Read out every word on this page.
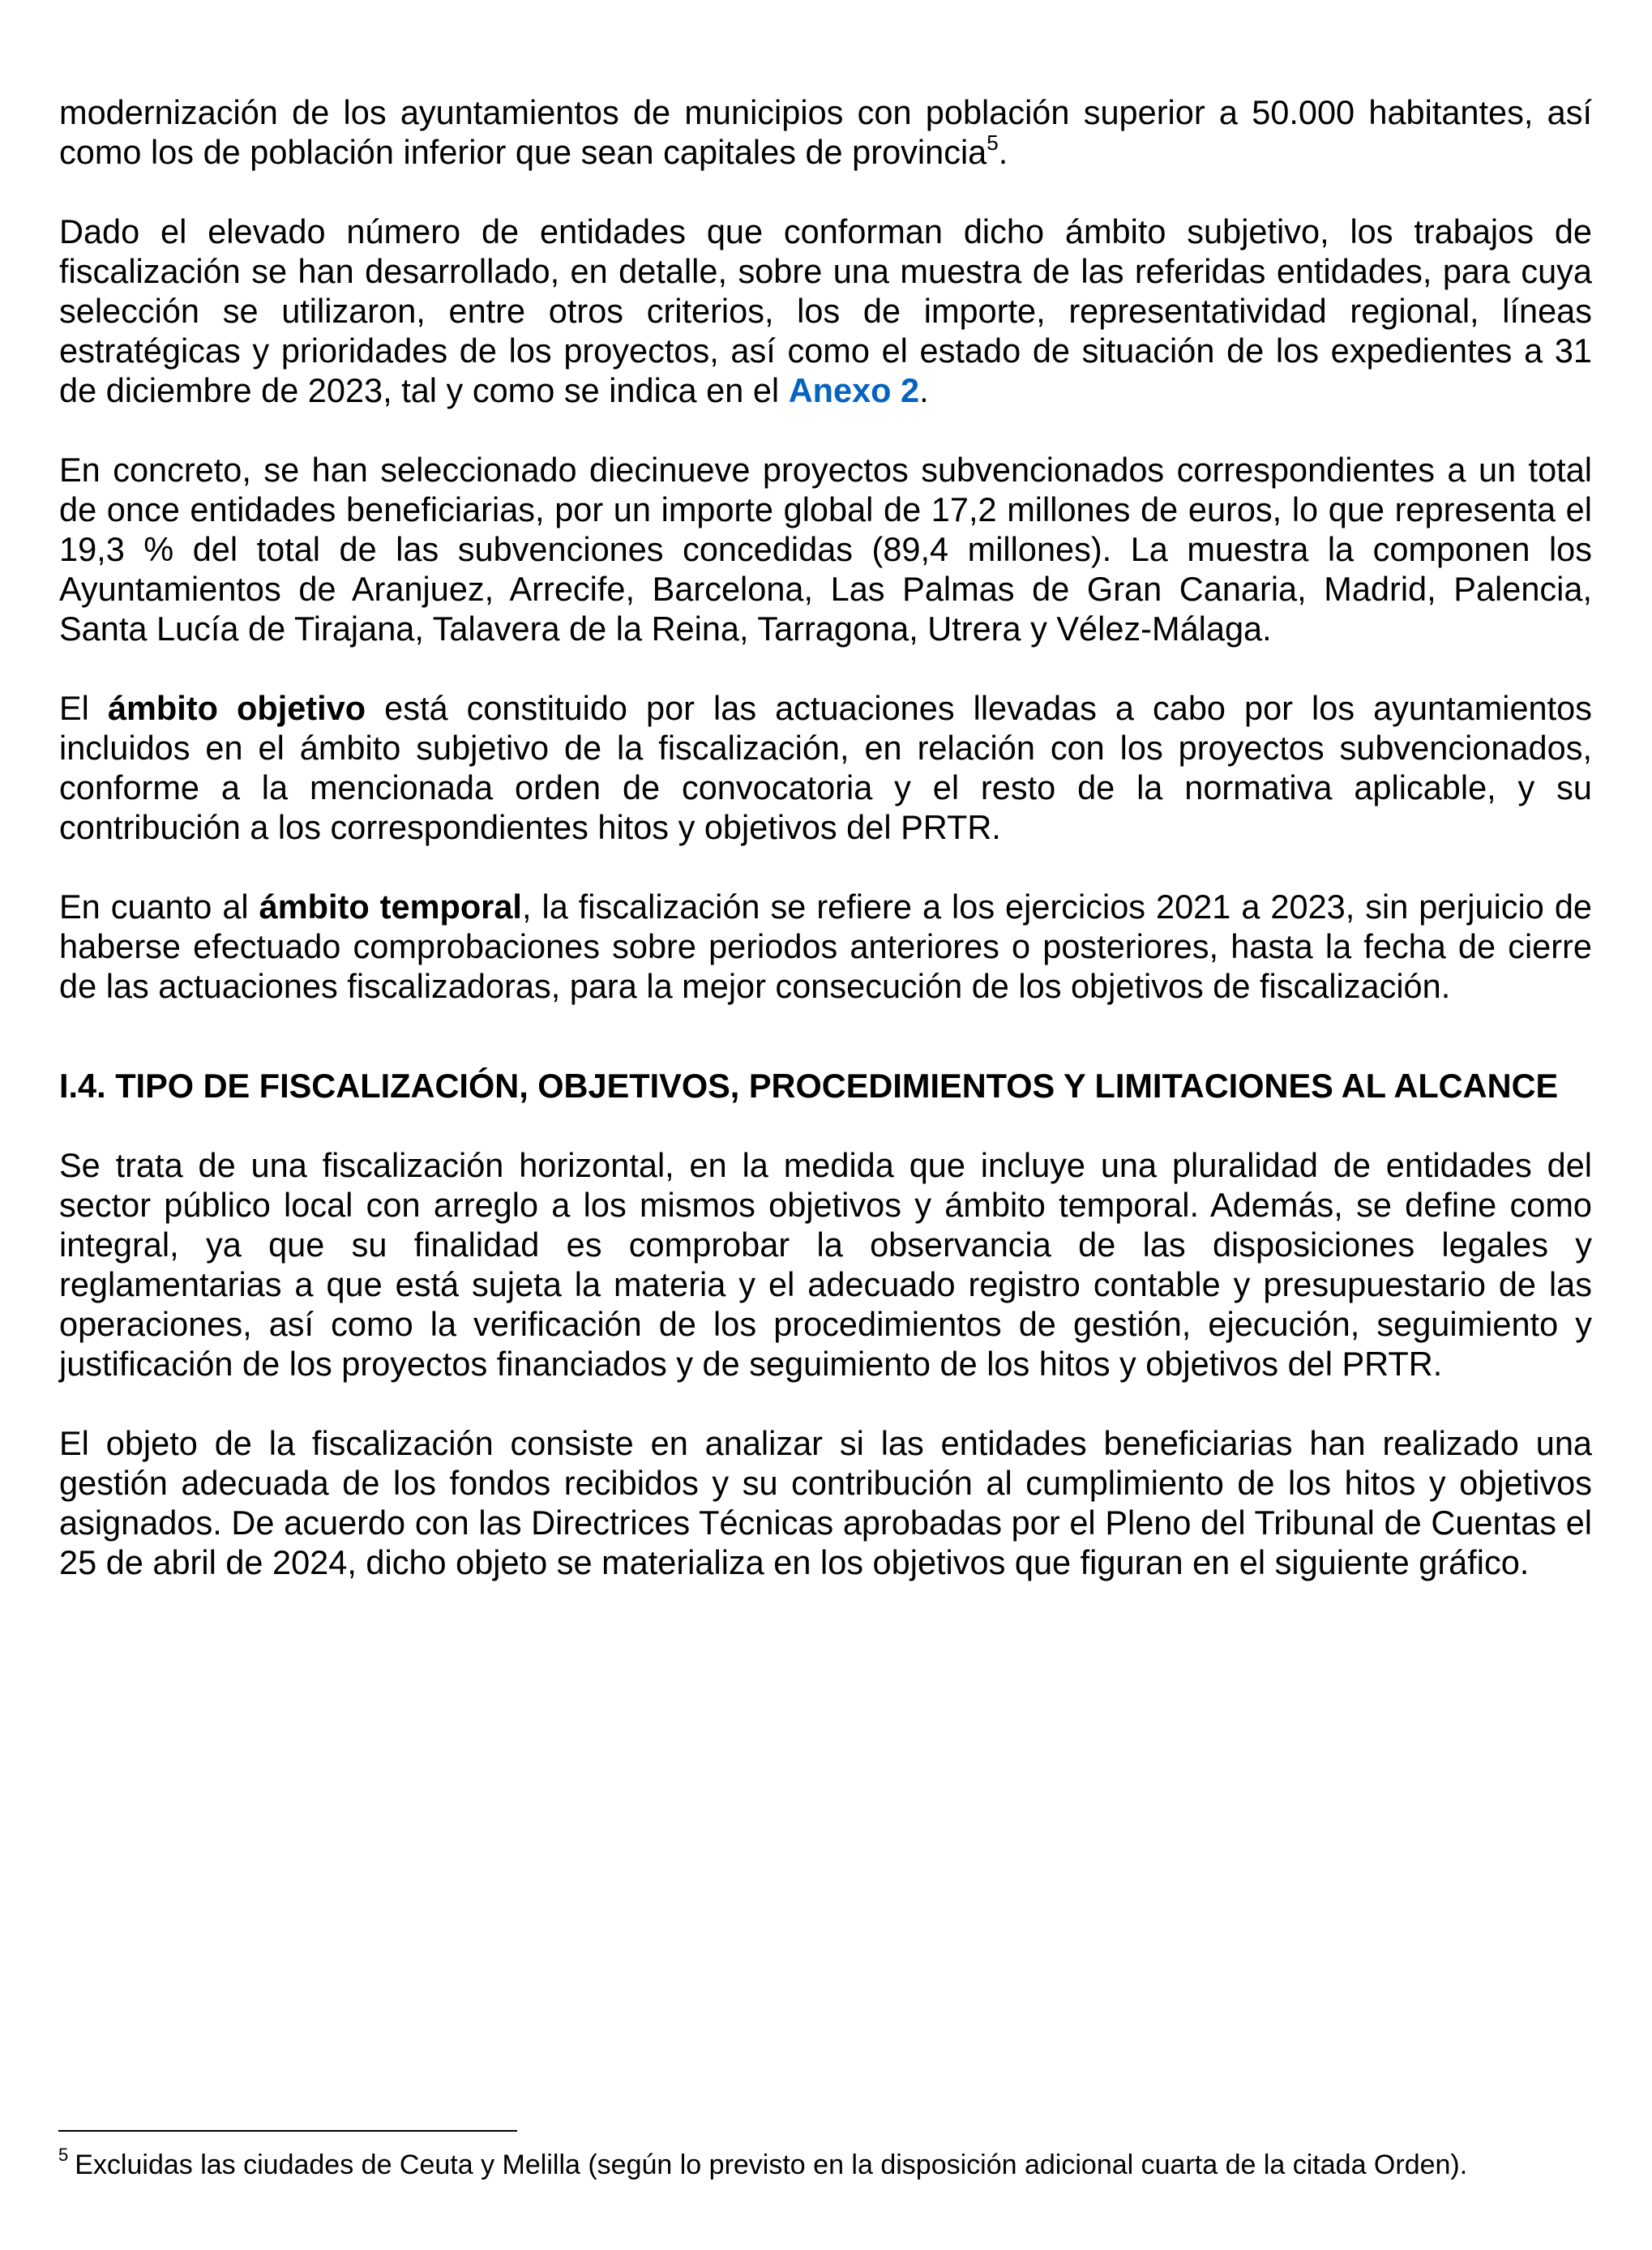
modernización de los ayuntamientos de municipios con población superior a 50.000 habitantes, así como los de población inferior que sean capitales de provincia$^5$.

Dado el elevado número de entidades que conforman dicho ámbito subjetivo, los trabajos de fiscalización se han desarrollado, en detalle, sobre una muestra de las referidas entidades, para cuya selección se utilizaron, entre otros criterios, los de importe, representatividad regional, líneas estratégicas y prioridades de los proyectos, así como el estado de situación de los expedientes a 31 de diciembre de 2023, tal y como se indica en el Anexo 2.

En concreto, se han seleccionado diecinueve proyectos subvencionados correspondientes a un total de once entidades beneficiarias, por un importe global de 17,2 millones de euros, lo que representa el 19,3 % del total de las subvenciones concedidas (89,4 millones). La muestra la componen los Ayuntamientos de Aranjuez, Arrecife, Barcelona, Las Palmas de Gran Canaria, Madrid, Palencia, Santa Lucía de Tirajana, Talavera de la Reina, Tarragona, Utrera y Vélez-Málaga.

El ámbito objetivo está constituido por las actuaciones llevadas a cabo por los ayuntamientos incluidos en el ámbito subjetivo de la fiscalización, en relación con los proyectos subvencionados, conforme a la mencionada orden de convocatoria y el resto de la normativa aplicable, y su contribución a los correspondientes hitos y objetivos del PRTR.

En cuanto al ámbito temporal, la fiscalización se refiere a los ejercicios 2021 a 2023, sin perjuicio de haberse efectuado comprobaciones sobre periodos anteriores o posteriores, hasta la fecha de cierre de las actuaciones fiscalizadoras, para la mejor consecución de los objetivos de fiscalización.

I.4. TIPO DE FISCALIZACIÓN, OBJETIVOS, PROCEDIMIENTOS Y LIMITACIONES AL ALCANCE

Se trata de una fiscalización horizontal, en la medida que incluye una pluralidad de entidades del sector público local con arreglo a los mismos objetivos y ámbito temporal. Además, se define como integral, ya que su finalidad es comprobar la observancia de las disposiciones legales y reglamentarias a que está sujeta la materia y el adecuado registro contable y presupuestario de las operaciones, así como la verificación de los procedimientos de gestión, ejecución, seguimiento y justificación de los proyectos financiados y de seguimiento de los hitos y objetivos del PRTR.

El objeto de la fiscalización consiste en analizar si las entidades beneficiarias han realizado una gestión adecuada de los fondos recibidos y su contribución al cumplimiento de los hitos y objetivos asignados. De acuerdo con las Directrices Técnicas aprobadas por el Pleno del Tribunal de Cuentas el 25 de abril de 2024, dicho objeto se materializa en los objetivos que figuran en el siguiente gráfico.

$^5$ Excluidas las ciudades de Ceuta y Melilla (según lo previsto en la disposición adicional cuarta de la citada Orden).
